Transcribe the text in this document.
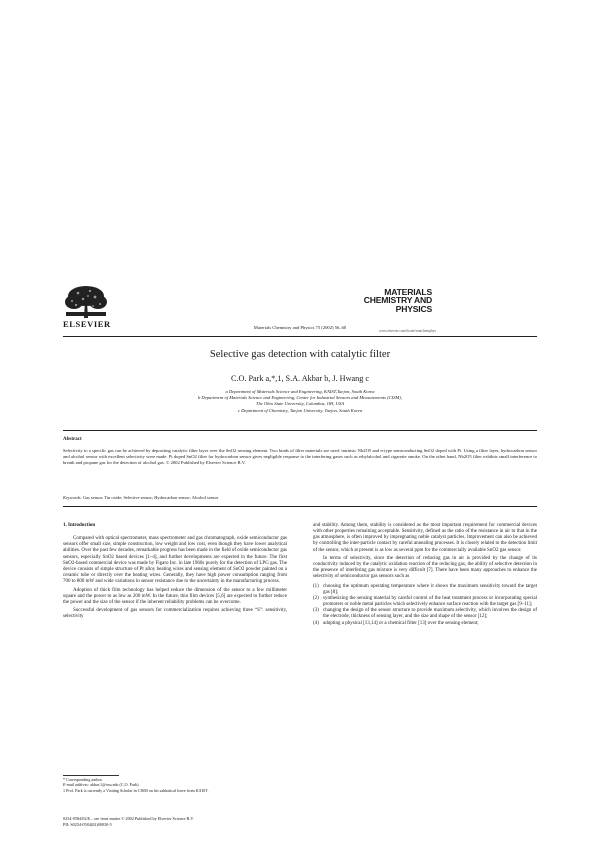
ELSEVIER	Materials Chemistry and Physics 75 (2002) 56–60
MATERIALS
CHEMISTRY AND
PHYSICS
www.elsevier.com/locate/matchemphys
Selective gas detection with catalytic filter
C.O. Park a,*,1, S.A. Akbar b, J. Hwang c
a Department of Materials Science and Engineering, KAIST,Taejon, South Korea
b Department of Materials Science and Engineering, Center for Industrial Sensors and Measurements (CISM),
The Ohio State University, Columbus, OH, USA
c Department of Chemistry, Taejon University, Taejon, South Korea
Abstract
Selectivity to a specific gas can be achieved by depositing catalytic filter layer over the SnO2 sensing element. Two kinds of filter materials are used: intrinsic Nb2O5 and n-type semiconducting SnO2 doped with Pt. Using a filter layer, hydrocarbon sensor and alcohol sensor with excellent selectivity were made. Pt doped SnO2 filter for hydrocarbon sensor gives negligible response to the interfering gases such as ethylalcohol and cigarette smoke. On the other hand, Nb2O5 filter exhibits small interference to breath and propane gas for the detection of alcohol gas. © 2002 Published by Elsevier Science B.V.
Keywords: Gas sensor; Tin oxide; Selective sensor; Hydrocarbon sensor; Alcohol sensor
1. Introduction

Compared with optical spectrometer, mass spectrometer and gas chromatograph, oxide semiconductor gas sensors offer small size, simple construction, low weight and low cost, even though they have lower analytical abilities. Over the past few decades, remarkable progress has been made in the field of oxide semiconductor gas sensors, especially SnO2 based devices [1–4], and further developments are expected in the future. The first SnO2-based commercial device was made by Figaro Inc. in late 1960s purely for the detection of LPG gas. The device consists of simple structure of Pt alloy heating wires and sensing element of SnO2 powder painted on a ceramic tube or directly over the heating wires. Generally, they have high power consumption ranging from 700 to 800 mW and wide variations in sensor resistance due to the uncertainty in the manufacturing process.

Adoption of thick film technology has helped reduce the dimension of the sensor to a few millimeter square and the power to as low as 200 mW. In the future, thin film devices [5,6] are expected to further reduce the power and the size of the sensor if the inherent reliability problems can be overcome.

Successful development of gas sensors for commercialization requires achieving three “S”: sensitivity, selectivity

and stability. Among them, stability is considered as the most important requirement for commercial devices with other properties remaining acceptable. Sensitivity, defined as the ratio of the resistance in air to that in the gas atmosphere, is often improved by impregnating noble catalyst particles. Improvement can also be achieved by controlling the inter-particle contact by careful annealing processes. It is closely related to the detection limit of the sensor, which at present is as low as several ppm for the commercially available SnO2 gas sensor.

In terms of selectivity, since the detection of reducing gas in air is provided by the change of its conductivity induced by the catalytic oxidation reaction of the reducing gas, the ability of selective detection in the presence of interfering gas mixture is very difficult [7]. There have been many approaches to enhance the selectivity of semiconductor gas sensors such as

(1) choosing the optimum operating temperature where it shows the maximum sensitivity toward the target gas [8];
(2) synthesizing the sensing material by careful control of the heat treatment process or incorporating special promoters or noble metal particles which selectively enhance surface reaction with the target gas [9–11];
(3) changing the design of the sensor structure to provide maximum selectivity, which involves the design of the electrode, thickness of sensing layer, and the size and shape of the sensor [12];
(4) adopting a physical [13,14] or a chemical filter [13] over the sensing element;

* Corresponding author.

E-mail address: akbar.1@osu.edu (C.O. Park).

1 Prof. Park is currently a Visiting Scholar in CISM on his sabbatical leave from KAIST.

0254-0584/02/$ – see front matter © 2002 Published by Elsevier Science B.V.

PII: S0254-0584(02)00030-5
